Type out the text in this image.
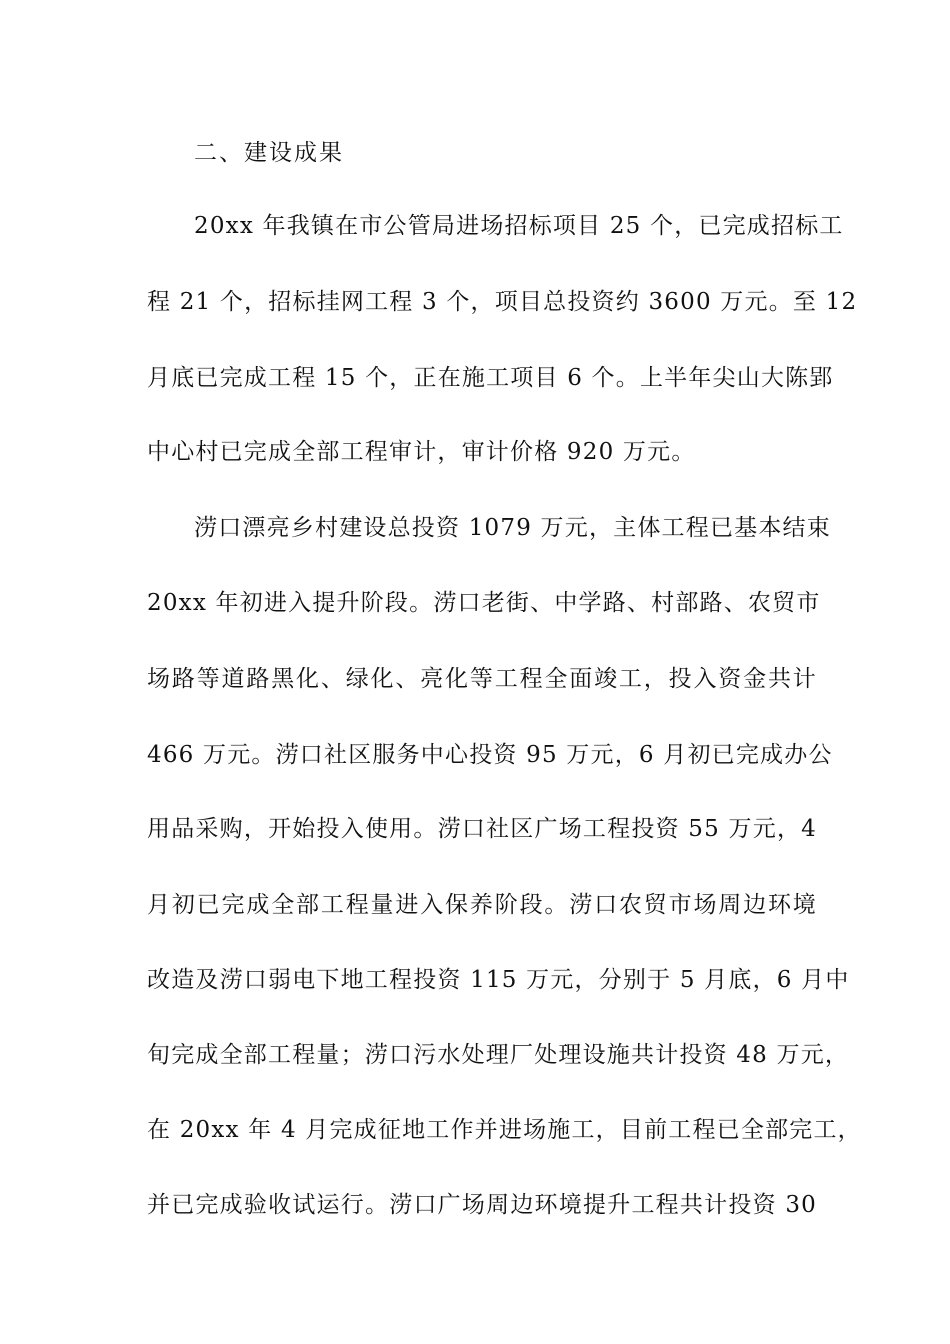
二、建设成果
20xx 年我镇在市公管局进场招标项目 25 个，已完成招标工
程 21 个，招标挂网工程 3 个，项目总投资约 3600 万元。至 12
月底已完成工程 15 个，正在施工项目 6 个。上半年尖山大陈郢
中心村已完成全部工程审计，审计价格 920 万元。
涝口漂亮乡村建设总投资 1079 万元，主体工程已基本结束
20xx 年初进入提升阶段。涝口老街、中学路、村部路、农贸市
场路等道路黑化、绿化、亮化等工程全面竣工，投入资金共计
466 万元。涝口社区服务中心投资 95 万元，6 月初已完成办公
用品采购，开始投入使用。涝口社区广场工程投资 55 万元，4
月初已完成全部工程量进入保养阶段。涝口农贸市场周边环境
改造及涝口弱电下地工程投资 115 万元，分别于 5 月底，6 月中
旬完成全部工程量；涝口污水处理厂处理设施共计投资 48 万元，
在 20xx 年 4 月完成征地工作并进场施工，目前工程已全部完工，
并已完成验收试运行。涝口广场周边环境提升工程共计投资 30
